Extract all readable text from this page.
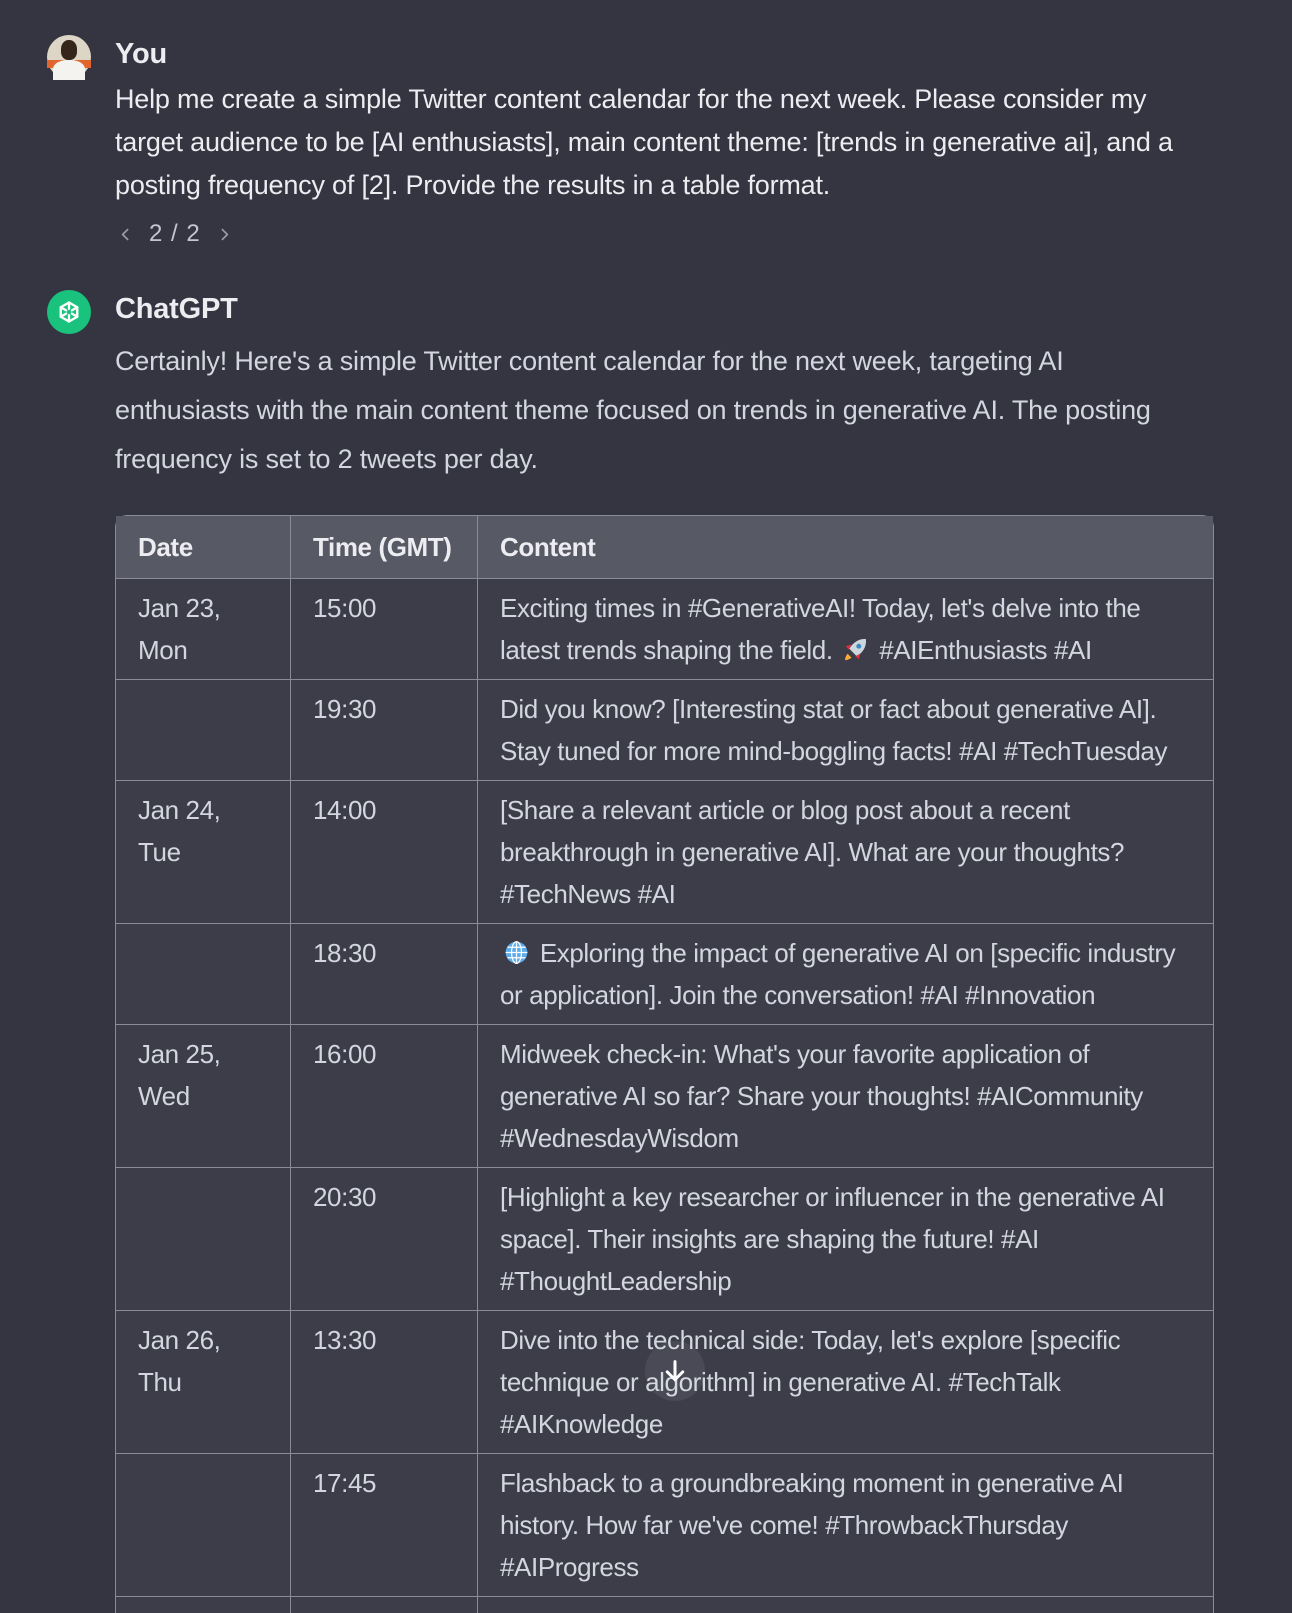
You
Help me create a simple Twitter content calendar for the next week. Please consider my target audience to be [AI enthusiasts], main content theme: [trends in generative ai], and a posting frequency of [2]. Provide the results in a table format.
2 / 2
ChatGPT
Certainly! Here's a simple Twitter content calendar for the next week, targeting AI enthusiasts with the main content theme focused on trends in generative AI. The posting frequency is set to 2 tweets per day.
Date	Time (GMT)	Content
Jan 23, Mon	15:00	Exciting times in #GenerativeAI! Today, let's delve into the latest trends shaping the field.  #AIEnthusiasts #AI
	19:30	Did you know? [Interesting stat or fact about generative AI]. Stay tuned for more mind-boggling facts! #AI #TechTuesday
Jan 24, Tue	14:00	[Share a relevant article or blog post about a recent breakthrough in generative AI]. What are your thoughts? #TechNews #AI
	18:30	Exploring the impact of generative AI on [specific industry or application]. Join the conversation! #AI #Innovation
Jan 25, Wed	16:00	Midweek check-in: What's your favorite application of generative AI so far? Share your thoughts! #AICommunity #WednesdayWisdom
	20:30	[Highlight a key researcher or influencer in the generative AI space]. Their insights are shaping the future! #AI #ThoughtLeadership
Jan 26, Thu	13:30	Dive into the technical side: Today, let's explore [specific technique or algorithm] in generative AI. #TechTalk #AIKnowledge
	17:45	Flashback to a groundbreaking moment in generative AI history. How far we've come! #ThrowbackThursday #AIProgress
